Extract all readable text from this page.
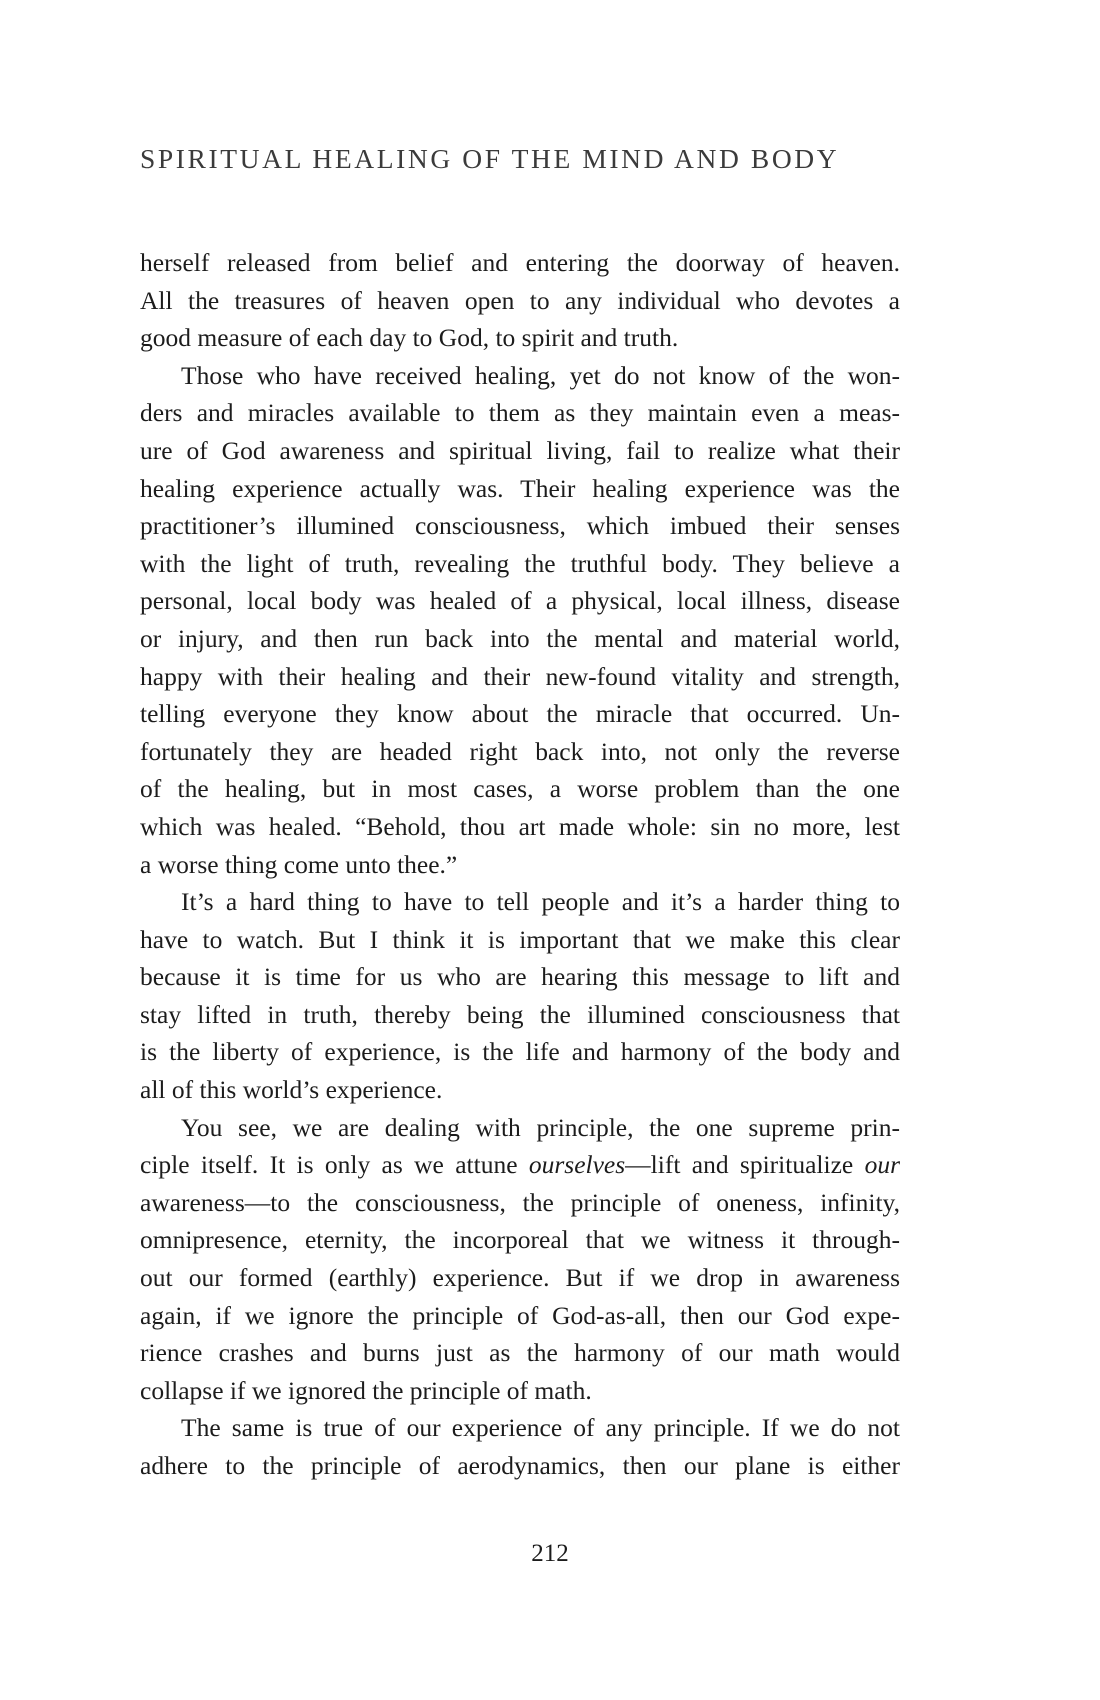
SPIRITUAL HEALING OF THE MIND AND BODY
herself released from belief and entering the doorway of heaven.
All the treasures of heaven open to any individual who devotes a
good measure of each day to God, to spirit and truth.
Those who have received healing, yet do not know of the won-
ders and miracles available to them as they maintain even a meas-
ure of God awareness and spiritual living, fail to realize what their
healing experience actually was. Their healing experience was the
practitioner’s illumined consciousness, which imbued their senses
with the light of truth, revealing the truthful body. They believe a
personal, local body was healed of a physical, local illness, disease
or injury, and then run back into the mental and material world,
happy with their healing and their new-found vitality and strength,
telling everyone they know about the miracle that occurred. Un-
fortunately they are headed right back into, not only the reverse
of the healing, but in most cases, a worse problem than the one
which was healed. “Behold, thou art made whole: sin no more, lest
a worse thing come unto thee.”
It’s a hard thing to have to tell people and it’s a harder thing to
have to watch. But I think it is important that we make this clear
because it is time for us who are hearing this message to lift and
stay lifted in truth, thereby being the illumined consciousness that
is the liberty of experience, is the life and harmony of the body and
all of this world’s experience.
You see, we are dealing with principle, the one supreme prin-
ciple itself. It is only as we attune ourselves—lift and spiritualize our
awareness—to the consciousness, the principle of oneness, infinity,
omnipresence, eternity, the incorporeal that we witness it through-
out our formed (earthly) experience. But if we drop in awareness
again, if we ignore the principle of God-as-all, then our God expe-
rience crashes and burns just as the harmony of our math would
collapse if we ignored the principle of math.
The same is true of our experience of any principle. If we do not
adhere to the principle of aerodynamics, then our plane is either
212
